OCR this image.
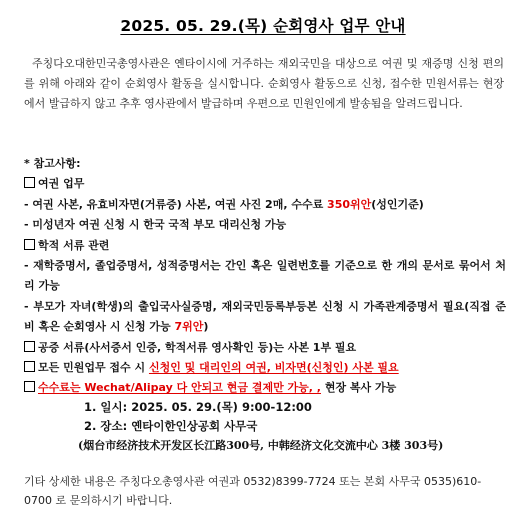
2025. 05. 29.(목) 순회영사 업무 안내
주칭다오대한민국총영사관은 옌타이시에 거주하는 재외국민을 대상으로 여권 및 재증명 신청 편의를 위해 아래와 같이 순회영사 활동을 실시합니다. 순회영사 활동으로 신청, 접수한 민원서류는 현장에서 발급하지 않고 추후 영사관에서 발급하며 우편으로 민원인에게 발송됨을 알려드립니다.
* 참고사항:
여권 업무
- 여권 사본, 유효비자면(거류증) 사본, 여권 사진 2매, 수수료 350위안(성인기준)
- 미성년자 여권 신청 시 한국 국적 부모 대리신청 가능
학적 서류 관련
- 재학증명서, 졸업증명서, 성적증명서는 간인 혹은 일련번호를 기준으로 한 개의 문서로 묶어서 처리 가능
- 부모가 자녀(학생)의 출입국사실증명, 재외국민등록부등본 신청 시 가족관계증명서 필요(직접 준비 혹은 순회영사 시 신청 가능 7위안)
공증 서류(사서증서 인증, 학적서류 영사확인 등)는 사본 1부 필요
모든 민원업무 접수 시 신청인 및 대리인의 여권, 비자면(신청인) 사본 필요
수수료는 Wechat/Alipay 다 안되고 현금 결제만 가능, , 현장 복사 가능
1. 일시: 2025. 05. 29.(목) 9:00-12:00
2. 장소: 옌타이한인상공회 사무국
(烟台市经济技术开发区长江路300号, 中韩经济文化交流中心 3楼 303号)
기타 상세한 내용은 주칭다오총영사관 여권과 0532)8399-7724 또는 본회 사무국 0535)610-0700 로 문의하시기 바랍니다.
